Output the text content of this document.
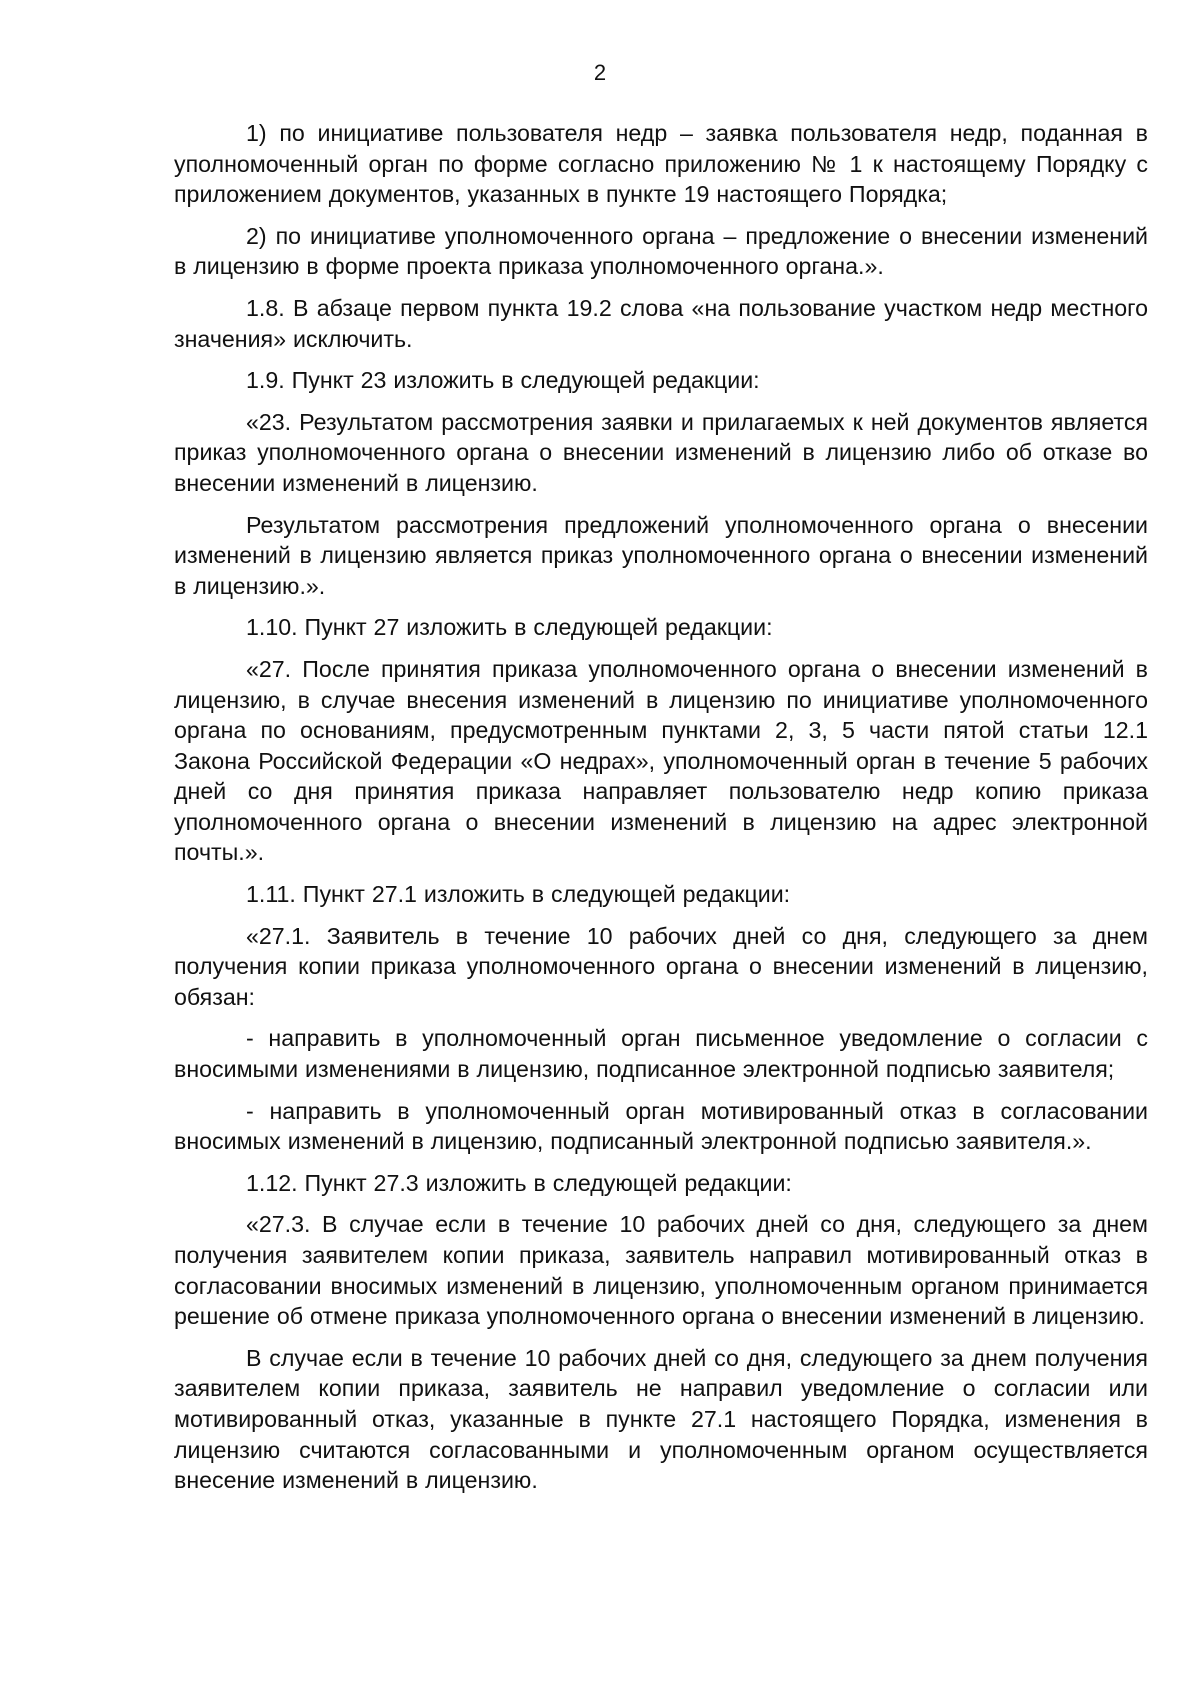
2

1) по инициативе пользователя недр – заявка пользователя недр, поданная в уполномоченный орган по форме согласно приложению № 1 к настоящему Порядку с приложением документов, указанных в пункте 19 настоящего Порядка;

2) по инициативе уполномоченного органа – предложение о внесении изменений в лицензию в форме проекта приказа уполномоченного органа.».

1.8. В абзаце первом пункта 19.2 слова «на пользование участком недр местного значения» исключить.

1.9. Пункт 23 изложить в следующей редакции:

«23. Результатом рассмотрения заявки и прилагаемых к ней документов является приказ уполномоченного органа о внесении изменений в лицензию либо об отказе во внесении изменений в лицензию.

Результатом рассмотрения предложений уполномоченного органа о внесении изменений в лицензию является приказ уполномоченного органа о внесении изменений в лицензию.».

1.10. Пункт 27 изложить в следующей редакции:

«27. После принятия приказа уполномоченного органа о внесении изменений в лицензию, в случае внесения изменений в лицензию по инициативе уполномоченного органа по основаниям, предусмотренным пунктами 2, 3, 5 части пятой статьи 12.1 Закона Российской Федерации «О недрах», уполномоченный орган в течение 5 рабочих дней со дня принятия приказа направляет пользователю недр копию приказа уполномоченного органа о внесении изменений в лицензию на адрес электронной почты.».

1.11. Пункт 27.1 изложить в следующей редакции:

«27.1. Заявитель в течение 10 рабочих дней со дня, следующего за днем получения копии приказа уполномоченного органа о внесении изменений в лицензию, обязан:

- направить в уполномоченный орган письменное уведомление о согласии с вносимыми изменениями в лицензию, подписанное электронной подписью заявителя;

- направить в уполномоченный орган мотивированный отказ в согласовании вносимых изменений в лицензию, подписанный электронной подписью заявителя.».

1.12. Пункт 27.3 изложить в следующей редакции:

«27.3. В случае если в течение 10 рабочих дней со дня, следующего за днем получения заявителем копии приказа, заявитель направил мотивированный отказ в согласовании вносимых изменений в лицензию, уполномоченным органом принимается решение об отмене приказа уполномоченного органа о внесении изменений в лицензию.

В случае если в течение 10 рабочих дней со дня, следующего за днем получения заявителем копии приказа, заявитель не направил уведомление о согласии или мотивированный отказ, указанные в пункте 27.1 настоящего Порядка, изменения в лицензию считаются согласованными и уполномоченным органом осуществляется внесение изменений в лицензию.
